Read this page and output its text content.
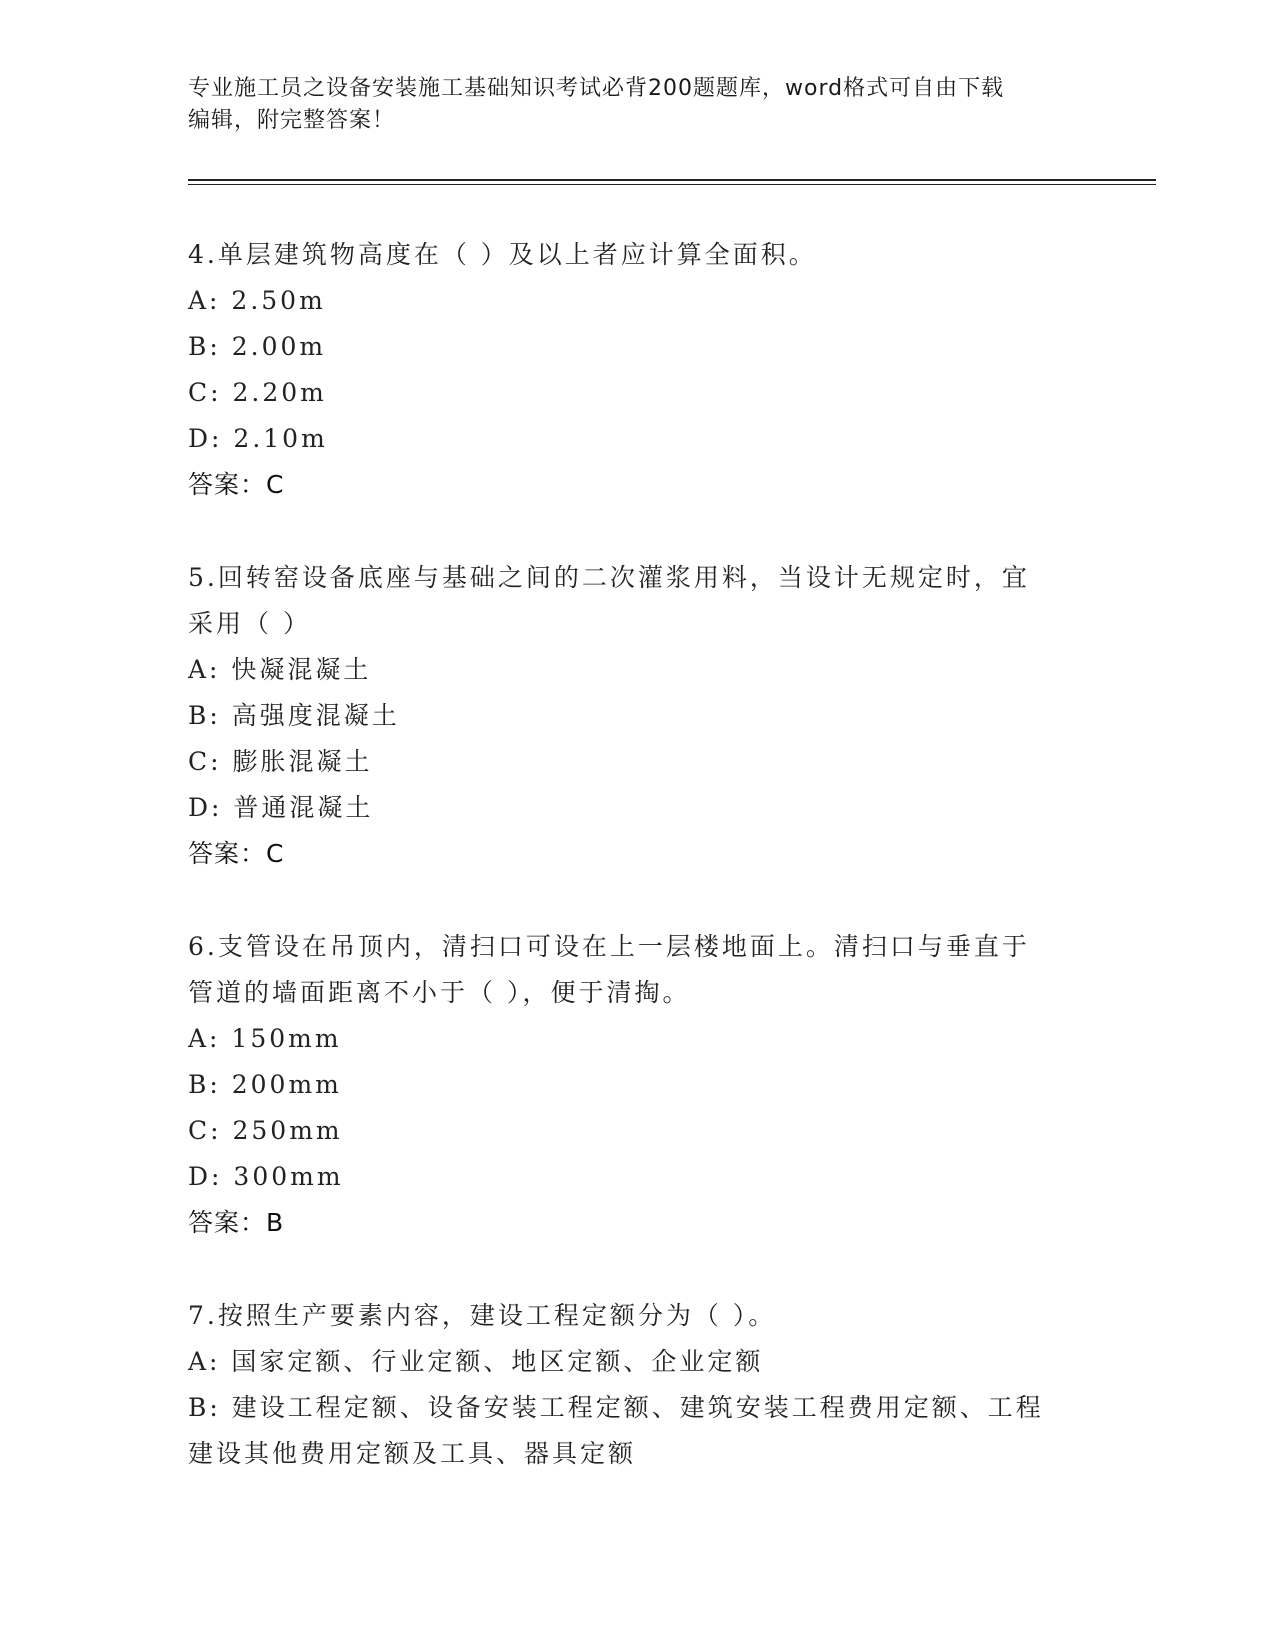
专业施工员之设备安装施工基础知识考试必背200题题库，word格式可自由下载
编辑，附完整答案！
4.单层建筑物高度在（ ）及以上者应计算全面积。
A: 2.50m
B: 2.00m
C: 2.20m
D: 2.10m
答案：C
5.回转窑设备底座与基础之间的二次灌浆用料，当设计无规定时，宜
采用（ ）
A: 快凝混凝土
B: 高强度混凝土
C: 膨胀混凝土
D: 普通混凝土
答案：C
6.支管设在吊顶内，清扫口可设在上一层楼地面上。清扫口与垂直于
管道的墙面距离不小于（ ），便于清掏。
A: 150mm
B: 200mm
C: 250mm
D: 300mm
答案：B
7.按照生产要素内容，建设工程定额分为（ ）。
A: 国家定额、行业定额、地区定额、企业定额
B: 建设工程定额、设备安装工程定额、建筑安装工程费用定额、工程
建设其他费用定额及工具、器具定额
